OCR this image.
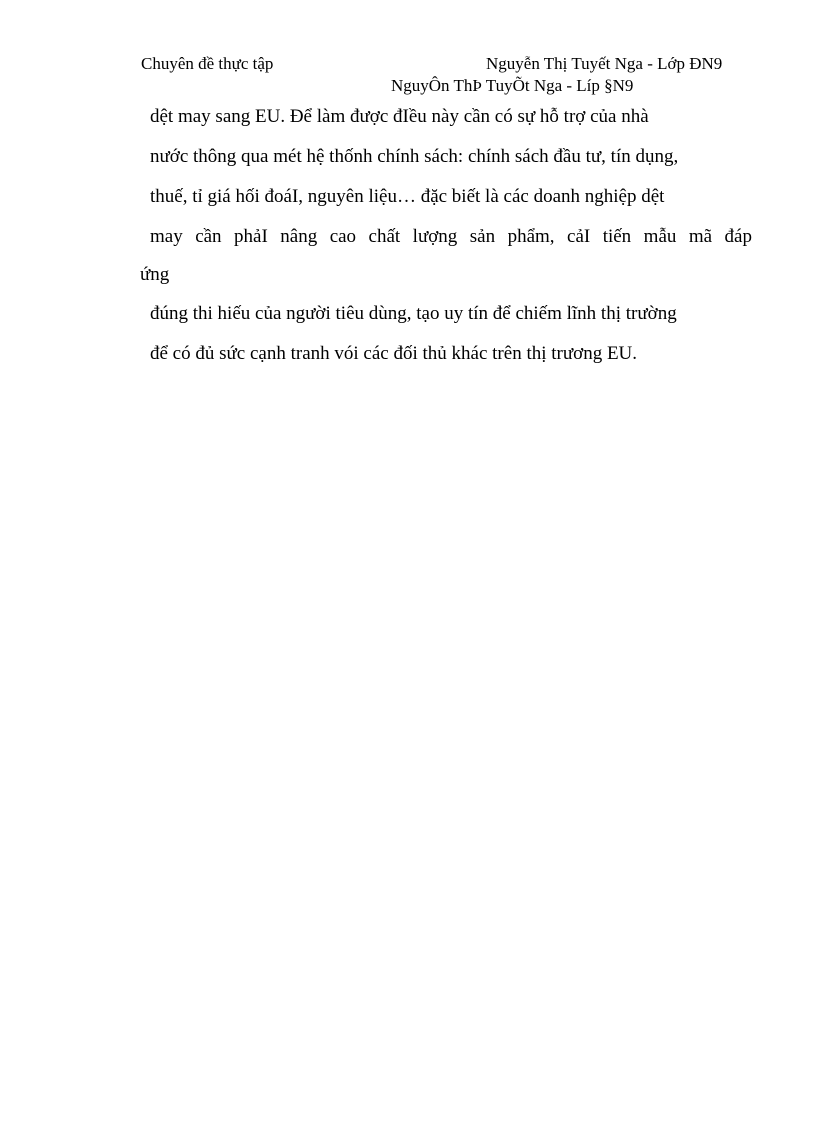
Chuyên đề thực tập	Nguyễn Thị Tuyết Nga - Lớp ĐN9
NguyÔn ThÞ TuyÕt Nga - Líp §N9
dệt may sang EU. Để làm được đIều này cần có sự hỗ trợ của nhà
nước thông qua mét hệ thốnh chính sách: chính sách đầu tư, tín dụng,
thuế, tỉ giá hối đoáI, nguyên liệu… đặc biết là các doanh nghiệp dệt
may cần phảI nâng cao chất lượng sản phẩm, cảI tiến mẫu mã đáp
ứng
đúng thi hiếu của người tiêu dùng, tạo uy tín để chiếm lĩnh thị trường
để có đủ sức cạnh tranh vói các đối thủ khác trên thị trương EU.
